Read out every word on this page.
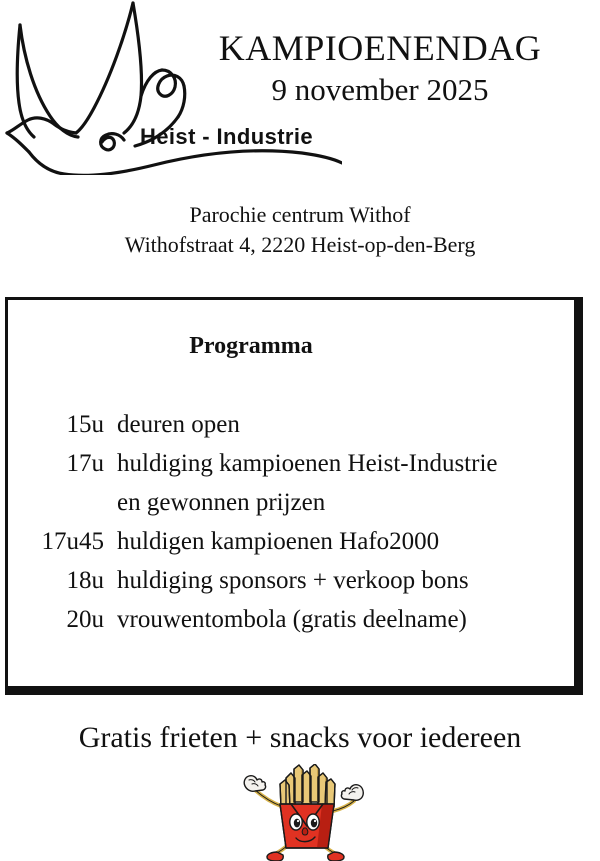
KAMPIOENENDAG
9 november 2025
Heist - Industrie
Parochie centrum Withof
Withofstraat 4, 2220 Heist-op-den-Berg
Programma
15u deuren open
17u huldiging kampioenen Heist-Industrie
en gewonnen prijzen
17u45 huldigen kampioenen Hafo2000
18u huldiging sponsors + verkoop bons
20u vrouwentombola (gratis deelname)
Gratis frieten + snacks voor iedereen
